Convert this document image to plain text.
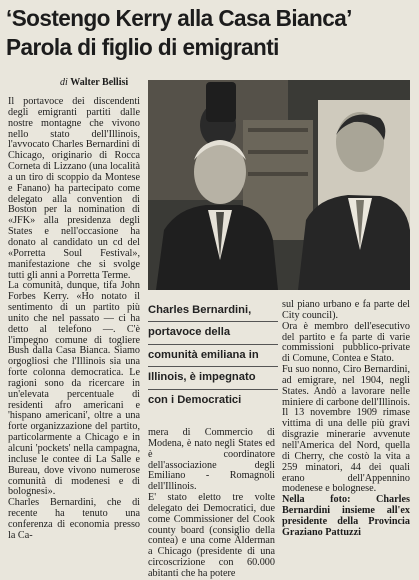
‘Sostengo Kerry alla Casa Bianca’
Parola di figlio di emigranti
di Walter Bellisi

Il portavoce dei discendenti degli emigranti partiti dalle nostre montagne che vivono nello stato dell'Illinois, l'avvocato Charles Bernardini di Chicago, originario di Rocca Corneta di Lizzano (una località a un tiro di scoppio da Montese e Fanano) ha partecipato come delegato alla convention di Boston per la nomination di «JFK» alla presidenza degli States e nell'occasione ha donato al candidato un cd del «Porretta Soul Festival», manifestazione che si svolge tutti gli anni a Porretta Terme.

La comunità, dunque, tifa John Forbes Kerry. «Ho notato il sentimento di un partito più unito che nel passato — ci ha detto al telefono —. C'è l'impegno comune di togliere Bush dalla Casa Bianca. Siamo orgogliosi che l'Illinois sia una forte colonna democratica. Le ragioni sono da ricercare in un'elevata percentuale di residenti afro americani e 'hispano americani', oltre a una forte organizzazione del partito, particolarmente a Chicago e in alcuni 'pockets' nella campagna, incluse le contee di La Salle e Bureau, dove vivono numerose comunità di modenesi e di bolognesi».

Charles Bernardini, che di recente ha tenuto una conferenza di economia presso la Ca-

Charles Bernardini,
portavoce della
comunità emiliana in
Illinois, è impegnato
con i Democratici

mera di Commercio di Modena, è nato negli States ed è coordinatore dell'associazione degli Emiliano - Romagnoli dell'Illinois.

E' stato eletto tre volte delegato dei Democratici, due come Commissioner del Cook county board (consiglio della contea) e una come Alderman a Chicago (presidente di una circoscrizione con 60.000 abitanti che ha potere

sul piano urbano e fa parte del City council).

Ora è membro dell'esecutivo del partito e fa parte di varie commissioni pubblico-private di Comune, Contea e Stato.

Fu suo nonno, Ciro Bernardini, ad emigrare, nel 1904, negli States. Andò a lavorare nelle miniere di carbone dell'Illinois. Il 13 novembre 1909 rimase vittima di una delle più gravi disgrazie minerarie avvenute nell'America del Nord, quella di Cherry, che costò la vita a 259 minatori, 44 dei quali erano dell'Appennino modenese e bolognese.

Nella foto: Charles Bernardini insieme all'ex presidente della Provincia Graziano Pattuzzi
